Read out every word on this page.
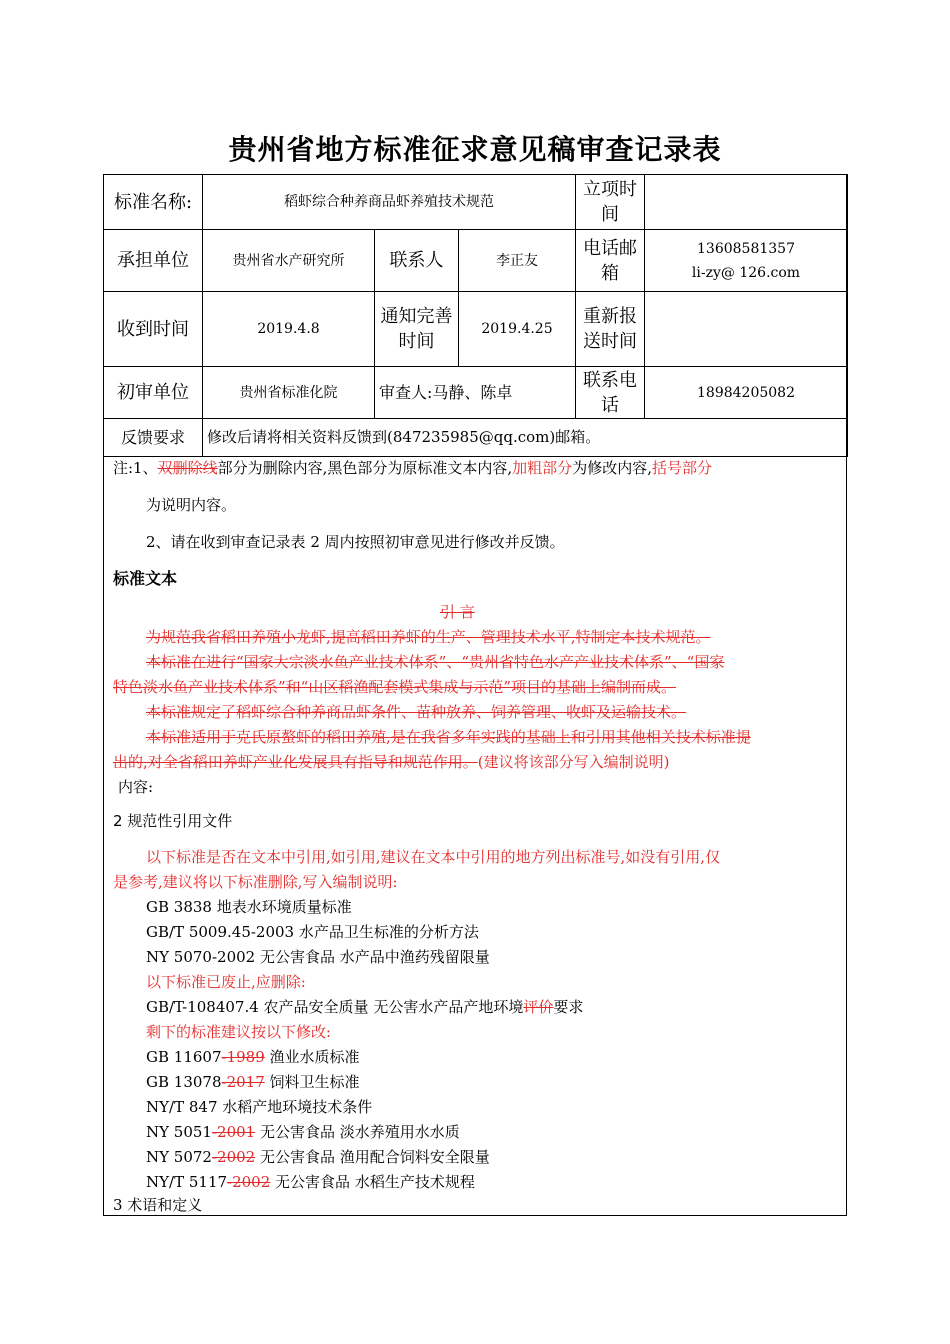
贵州省地方标准征求意见稿审查记录表
标准名称:	稻虾综合种养商品虾养殖技术规范			立项时间	
承担单位	贵州省水产研究所	联系人	李正友	电话邮箱	13608581357
li-zy@ 126.com

收到时间	2019.4.8	通知完善时间	2019.4.25	重新报送时间	
初审单位	贵州省标准化院	审查人:马静、陈卓		联系电话	18984205082
反馈要求	修改后请将相关资料反馈到(847235985@qq.com)邮箱。				
注:1、双删除线部分为删除内容,黑色部分为原标准文本内容,加粗部分为修改内容,括号部分
为说明内容。
2、请在收到审查记录表 2 周内按照初审意见进行修改并反馈。
标准文本
引 言
为规范我省稻田养殖小龙虾,提高稻田养虾的生产、管理技术水平,特制定本技术规范。
本标准在进行“国家大宗淡水鱼产业技术体系”、“贵州省特色水产产业技术体系”、“国家
特色淡水鱼产业技术体系”和“山区稻渔配套模式集成与示范”项目的基础上编制而成。
本标准规定了稻虾综合种养商品虾条件、苗种放养、饲养管理、收虾及运输技术。
本标准适用于克氏原螯虾的稻田养殖,是在我省多年实践的基础上和引用其他相关技术标准提
出的,对全省稻田养虾产业化发展具有指导和规范作用。(建议将该部分写入编制说明)
内容:
2 规范性引用文件
以下标准是否在文本中引用,如引用,建议在文本中引用的地方列出标准号,如没有引用,仅
是参考,建议将以下标准删除,写入编制说明:
GB 3838 地表水环境质量标准
GB/T 5009.45-2003 水产品卫生标准的分析方法
NY 5070-2002 无公害食品 水产品中渔药残留限量
以下标准已废止,应删除:
GB/T-108407.4 农产品安全质量 无公害水产品产地环境评价要求
剩下的标准建议按以下修改:
GB 11607-1989 渔业水质标准
GB 13078-2017 饲料卫生标准
NY/T 847 水稻产地环境技术条件
NY 5051-2001 无公害食品 淡水养殖用水水质
NY 5072-2002 无公害食品 渔用配合饲料安全限量
NY/T 5117-2002 无公害食品 水稻生产技术规程
3 术语和定义
